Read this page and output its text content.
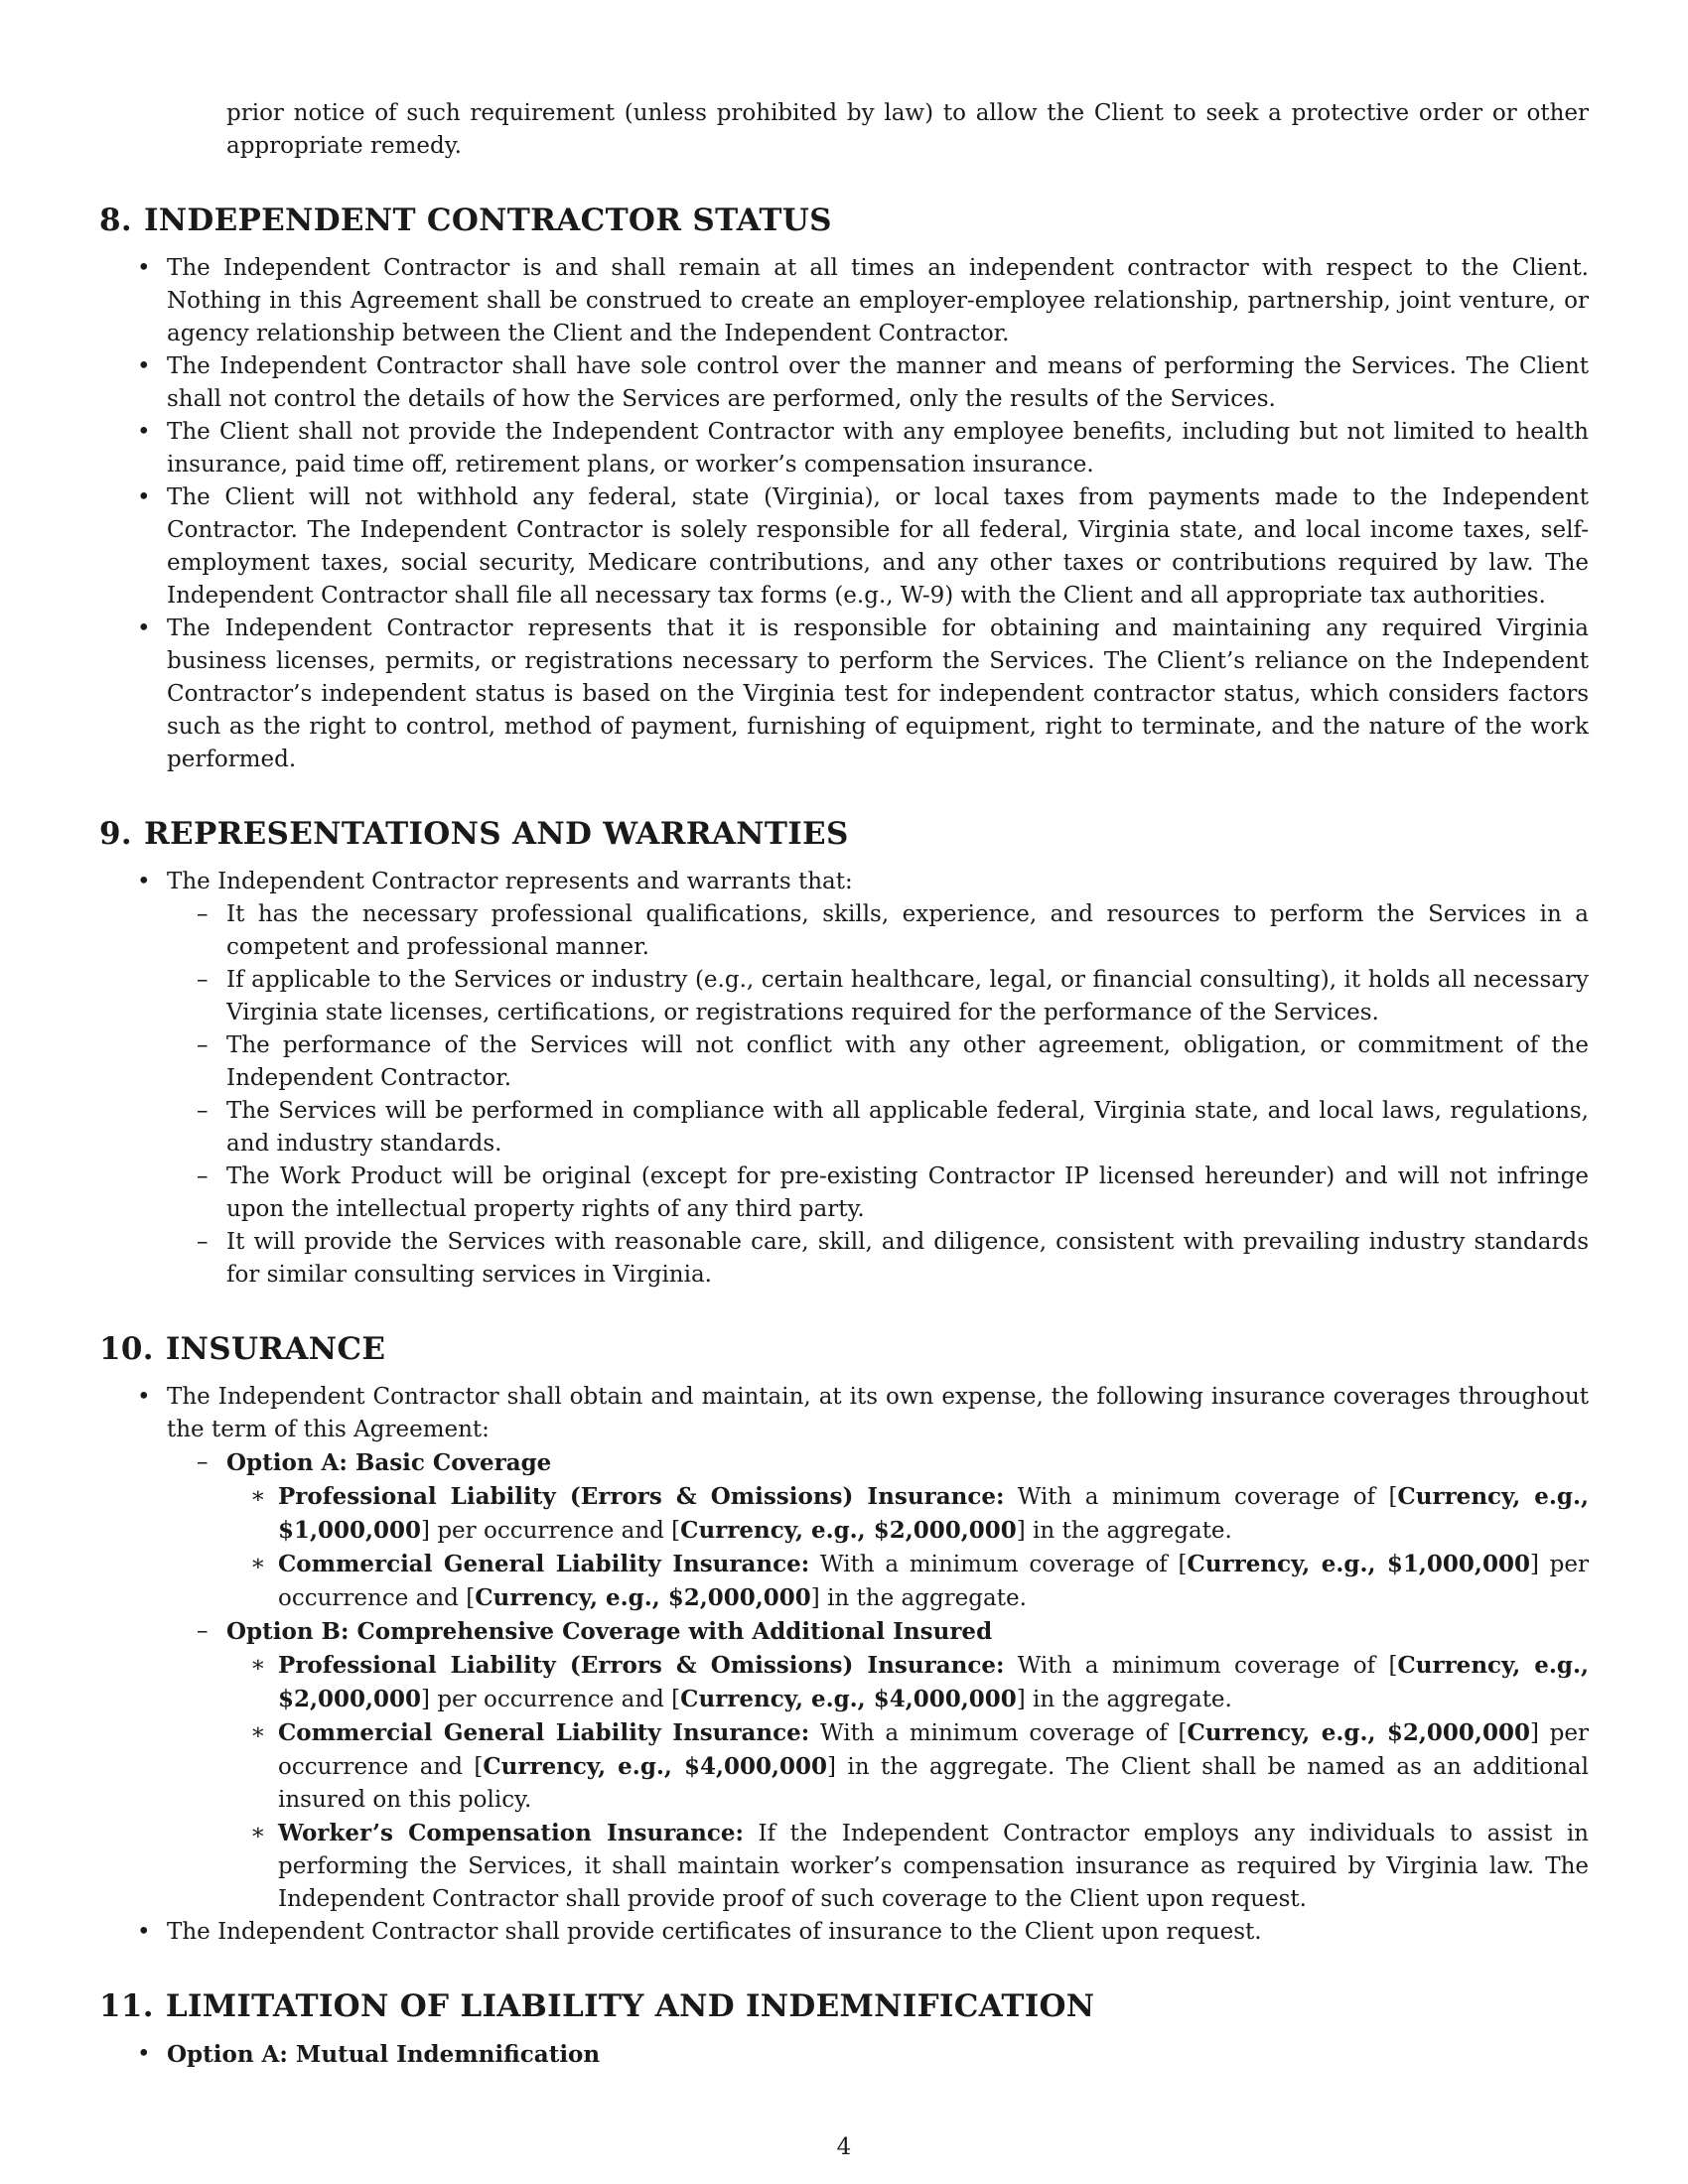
prior notice of such requirement (unless prohibited by law) to allow the Client to seek a protective order or other appropriate remedy.

8. INDEPENDENT CONTRACTOR STATUS
• The Independent Contractor is and shall remain at all times an independent contractor with respect to the Client. Nothing in this Agreement shall be construed to create an employer-employee relationship, partnership, joint venture, or agency relationship between the Client and the Independent Contractor.
• The Independent Contractor shall have sole control over the manner and means of performing the Services. The Client shall not control the details of how the Services are performed, only the results of the Services.
• The Client shall not provide the Independent Contractor with any employee benefits, including but not limited to health insurance, paid time off, retirement plans, or worker’s compensation insurance.
• The Client will not withhold any federal, state (Virginia), or local taxes from payments made to the Independent Contractor. The Independent Contractor is solely responsible for all federal, Virginia state, and local income taxes, self-employment taxes, social security, Medicare contributions, and any other taxes or contributions required by law. The Independent Contractor shall file all necessary tax forms (e.g., W-9) with the Client and all appropriate tax authorities.
• The Independent Contractor represents that it is responsible for obtaining and maintaining any required Virginia business licenses, permits, or registrations necessary to perform the Services. The Client’s reliance on the Independent Contractor’s independent status is based on the Virginia test for independent contractor status, which considers factors such as the right to control, method of payment, furnishing of equipment, right to terminate, and the nature of the work performed.
9. REPRESENTATIONS AND WARRANTIES
• The Independent Contractor represents and warrants that:
– It has the necessary professional qualifications, skills, experience, and resources to perform the Services in a competent and professional manner.
– If applicable to the Services or industry (e.g., certain healthcare, legal, or financial consulting), it holds all necessary Virginia state licenses, certifications, or registrations required for the performance of the Services.
– The performance of the Services will not conflict with any other agreement, obligation, or commitment of the Independent Contractor.
– The Services will be performed in compliance with all applicable federal, Virginia state, and local laws, regulations, and industry standards.
– The Work Product will be original (except for pre-existing Contractor IP licensed hereunder) and will not infringe upon the intellectual property rights of any third party.
– It will provide the Services with reasonable care, skill, and diligence, consistent with prevailing industry standards for similar consulting services in Virginia.
10. INSURANCE
• The Independent Contractor shall obtain and maintain, at its own expense, the following insurance coverages throughout the term of this Agreement:
– Option A: Basic Coverage
∗ Professional Liability (Errors & Omissions) Insurance: With a minimum coverage of [Currency, e.g., $1,000,000] per occurrence and [Currency, e.g., $2,000,000] in the aggregate.
∗ Commercial General Liability Insurance: With a minimum coverage of [Currency, e.g., $1,000,000] per occurrence and [Currency, e.g., $2,000,000] in the aggregate.
– Option B: Comprehensive Coverage with Additional Insured
∗ Professional Liability (Errors & Omissions) Insurance: With a minimum coverage of [Currency, e.g., $2,000,000] per occurrence and [Currency, e.g., $4,000,000] in the aggregate.
∗ Commercial General Liability Insurance: With a minimum coverage of [Currency, e.g., $2,000,000] per occurrence and [Currency, e.g., $4,000,000] in the aggregate. The Client shall be named as an additional insured on this policy.
∗ Worker’s Compensation Insurance: If the Independent Contractor employs any individuals to assist in performing the Services, it shall maintain worker’s compensation insurance as required by Virginia law. The Independent Contractor shall provide proof of such coverage to the Client upon request.
• The Independent Contractor shall provide certificates of insurance to the Client upon request.
11. LIMITATION OF LIABILITY AND INDEMNIFICATION
• Option A: Mutual Indemnification
4
